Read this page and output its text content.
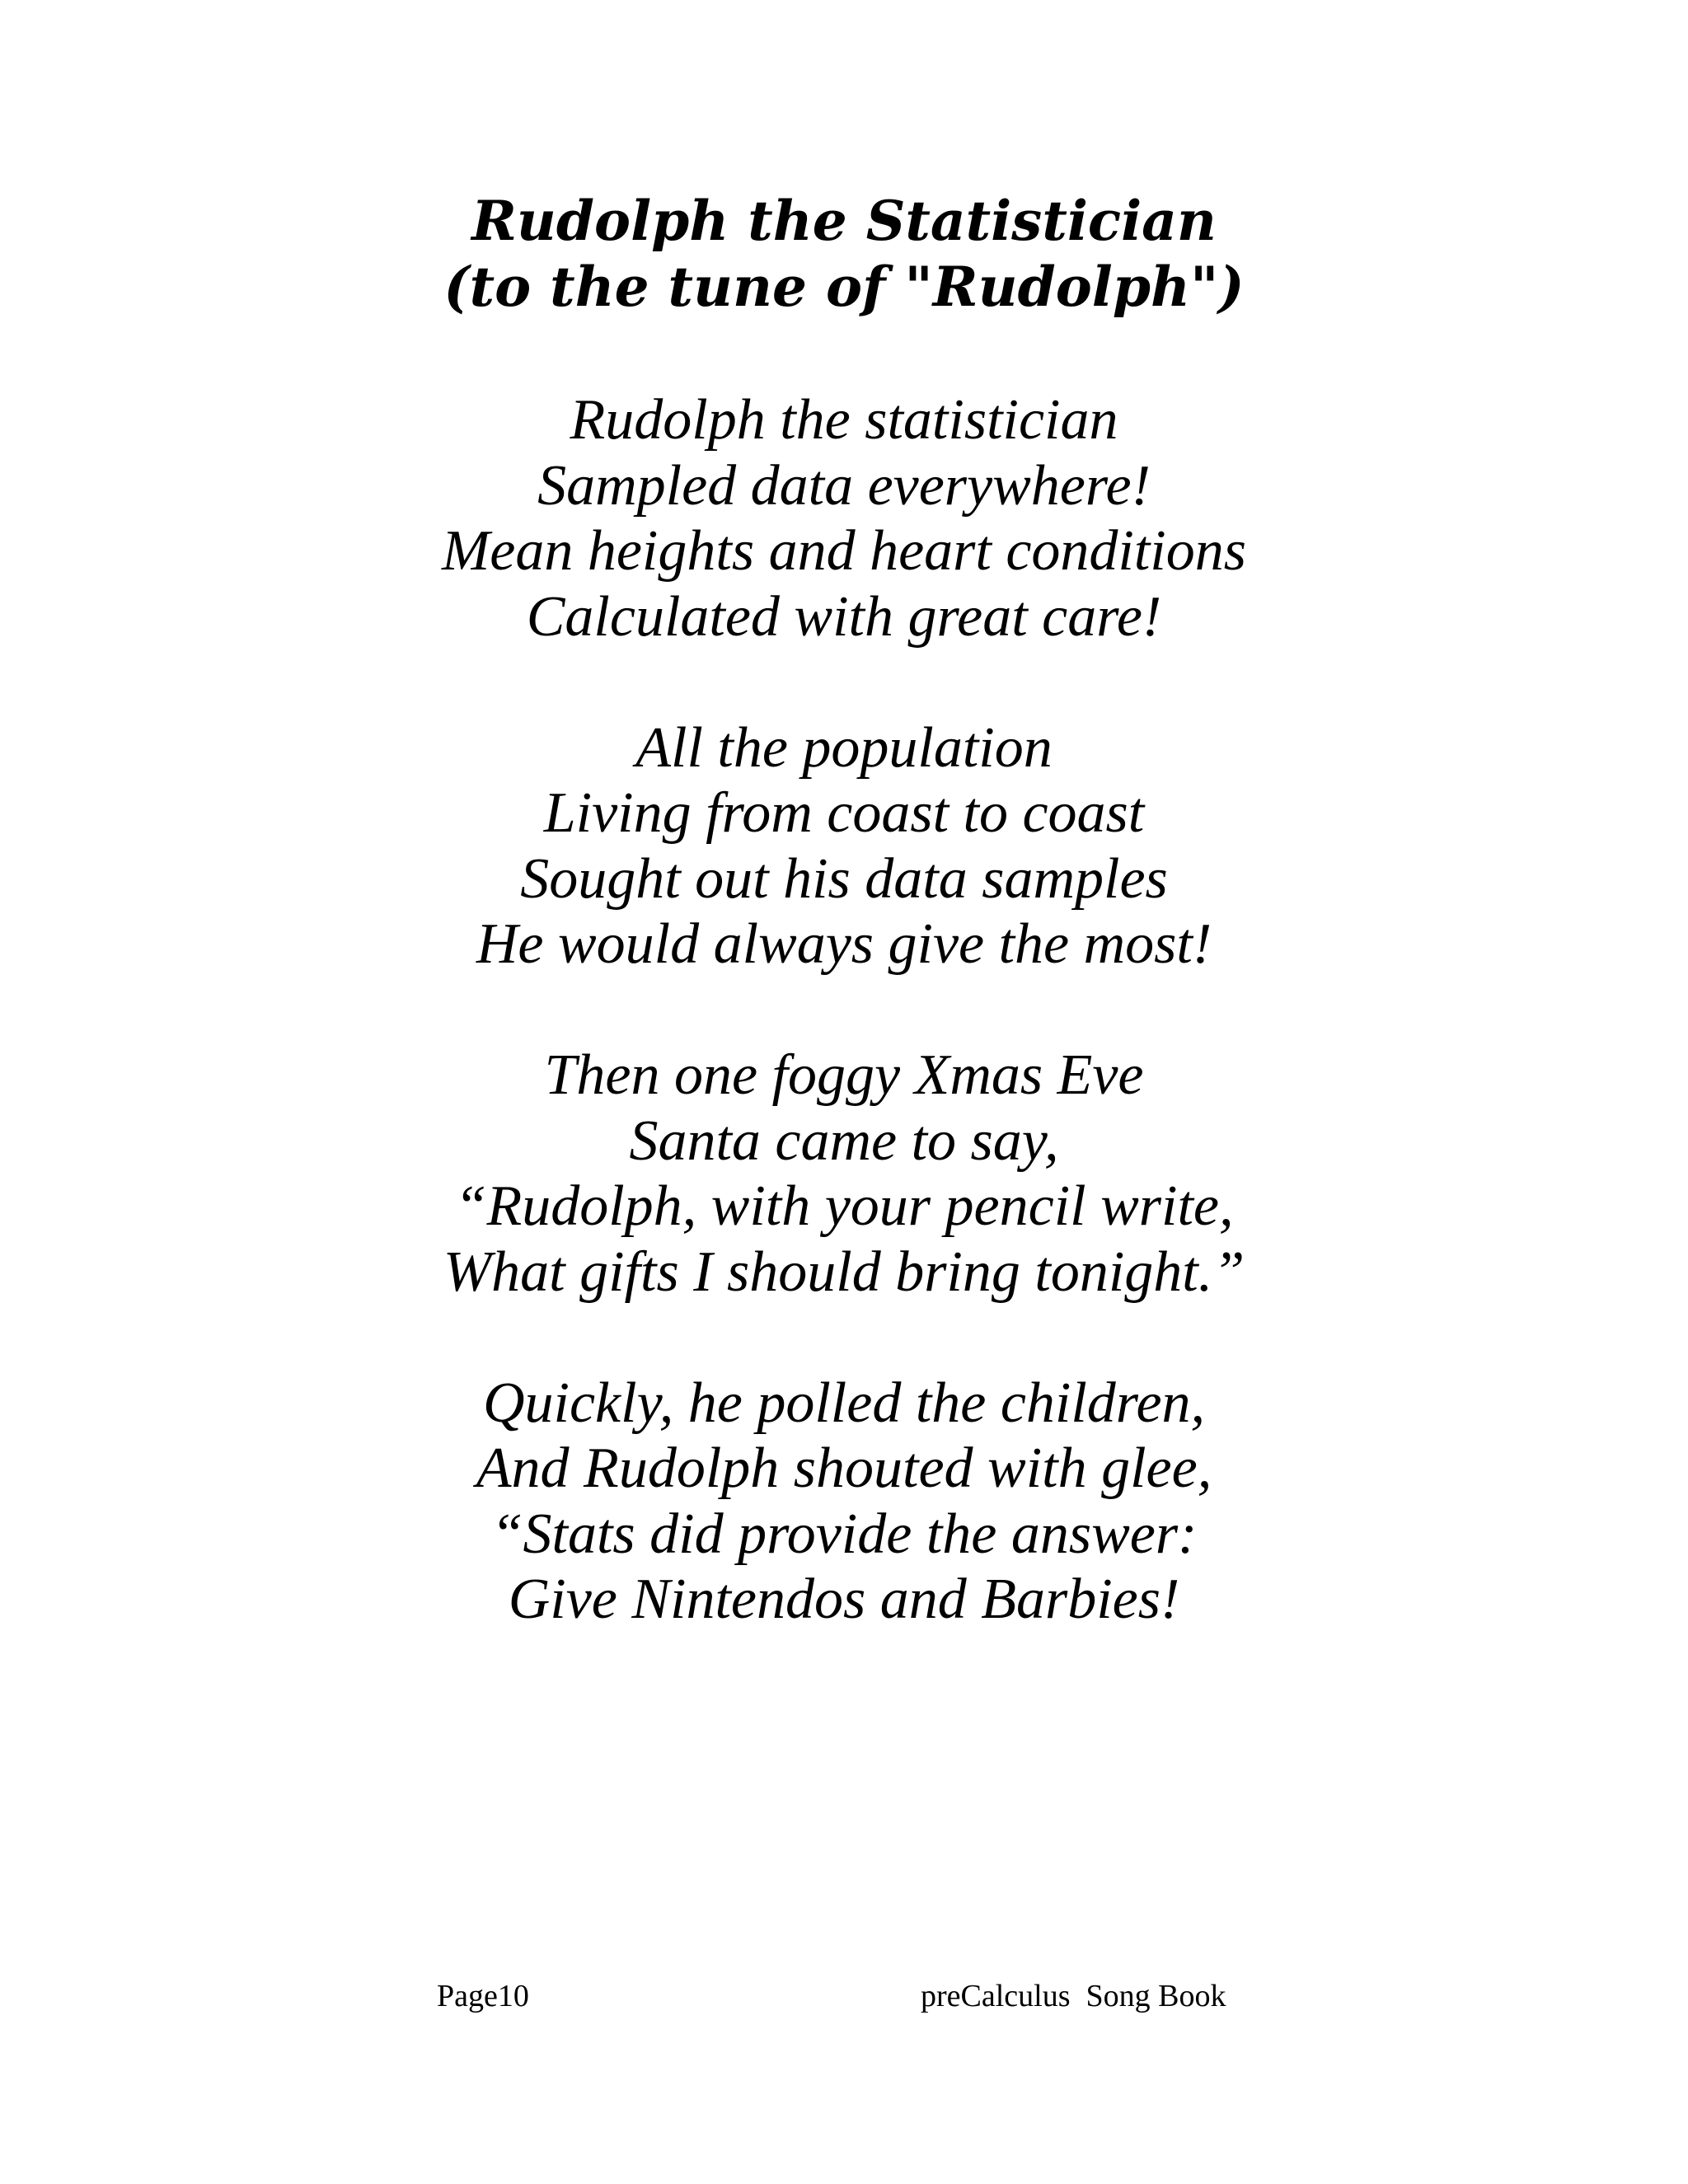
Rudolph the Statistician
(to the tune of "Rudolph")
Rudolph the statistician
Sampled data everywhere!
Mean heights and heart conditions
Calculated with great care!
All the population
Living from coast to coast
Sought out his data samples
He would always give the most!
Then one foggy Xmas Eve
Santa came to say,
“Rudolph, with your pencil write,
What gifts I should bring tonight.”
Quickly, he polled the children,
And Rudolph shouted with glee,
“Stats did provide the answer:
Give Nintendos and Barbies!
Page10	preCalculus  Song Book
